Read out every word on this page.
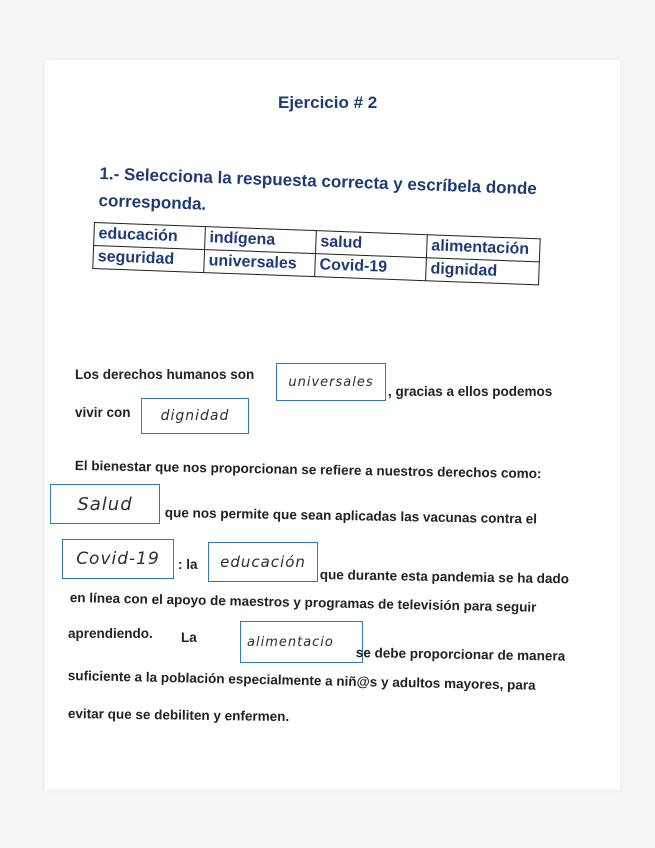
Ejercicio # 2
1.- Selecciona la respuesta correcta y escríbela donde corresponda.
educación	indígena	salud	alimentación
seguridad	universales	Covid-19	dignidad
Los derechos humanos son	universales
, gracias a ellos podemos
vivir con dignidad
El bienestar que nos proporcionan se refiere a nuestros derechos como:
Salud
que nos permite que sean aplicadas las vacunas contra el
Covid-19 : la educación
que durante esta pandemia se ha dado
en línea con el apoyo de maestros y programas de televisión para seguir
aprendiendo. La	alimentacio
se debe proporcionar de manera
suficiente a la población especialmente a niñ@s y adultos mayores, para
evitar que se debiliten y enfermen.
